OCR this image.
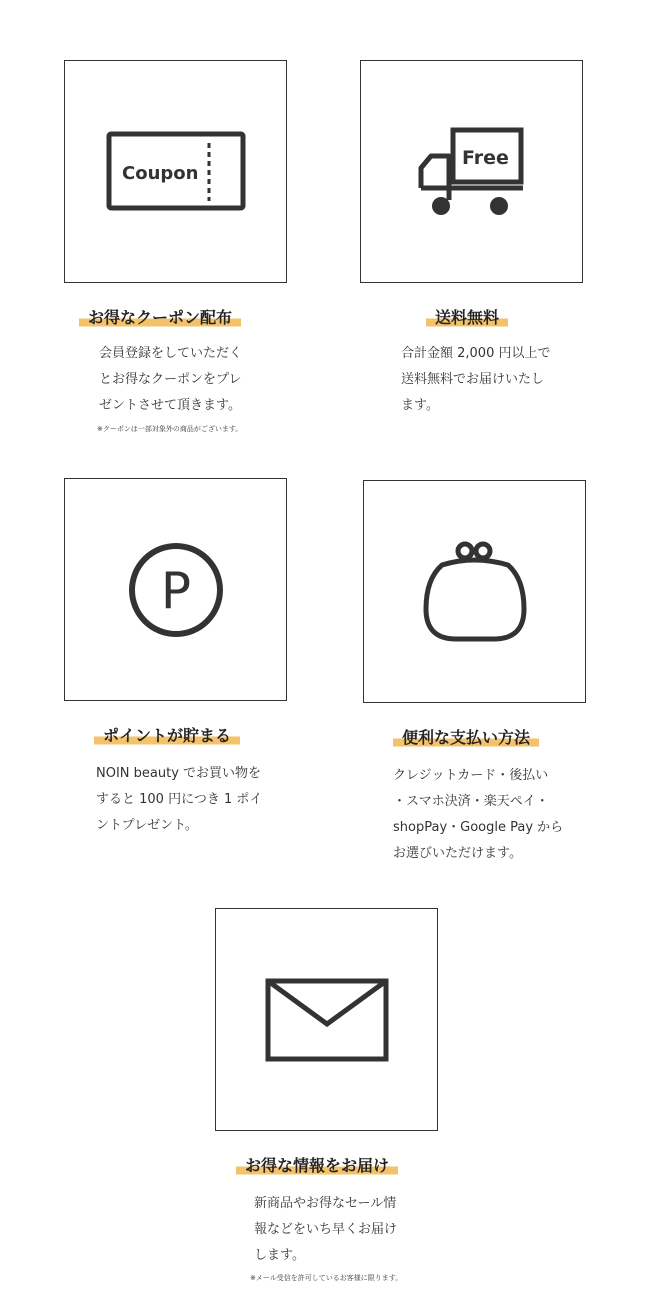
Coupon
お得なクーポン配布
会員登録をしていただく
とお得なクーポンをプレ
ゼントさせて頂きます。
※クーポンは一部対象外の商品がございます。
Free
送料無料
合計金額 2,000 円以上で
送料無料でお届けいたし
ます。
P
ポイントが貯まる
NOIN beauty でお買い物を
すると 100 円につき 1 ポイ
ントプレゼント。
便利な支払い方法
クレジットカード・後払い
・スマホ決済・楽天ペイ・
shopPay・Google Pay から
お選びいただけます。
お得な情報をお届け
新商品やお得なセール情
報などをいち早くお届け
します。
※メール受信を許可しているお客様に限ります。
